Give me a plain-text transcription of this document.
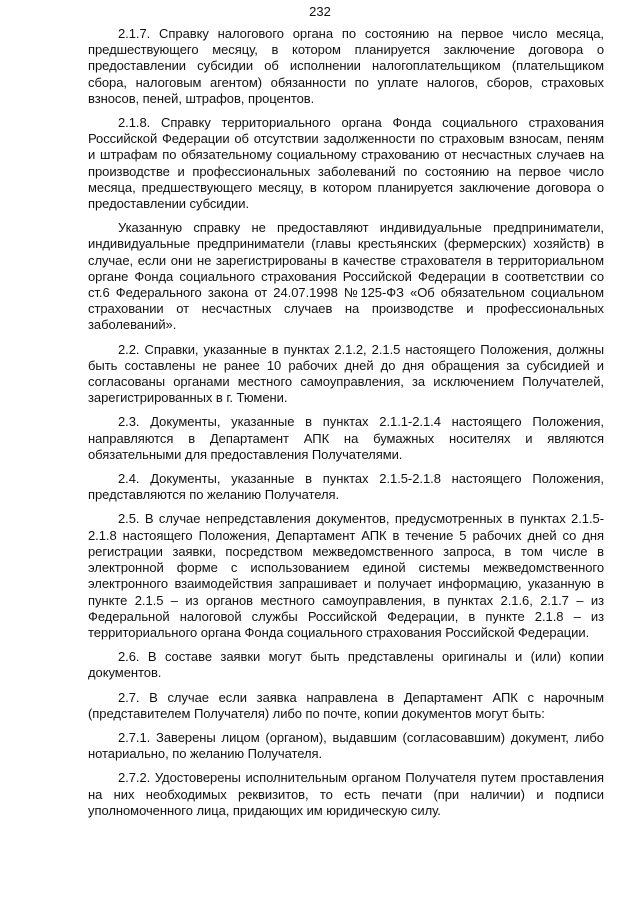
232

2.1.7. Справку налогового органа по состоянию на первое число месяца, предшествующего месяцу, в котором планируется заключение договора о предоставлении субсидии об исполнении налогоплательщиком (плательщиком сбора, налоговым агентом) обязанности по уплате налогов, сборов, страховых взносов, пеней, штрафов, процентов.

2.1.8. Справку территориального органа Фонда социального страхования Российской Федерации об отсутствии задолженности по страховым взносам, пеням и штрафам по обязательному социальному страхованию от несчастных случаев на производстве и профессиональных заболеваний по состоянию на первое число месяца, предшествующего месяцу, в котором планируется заключение договора о предоставлении субсидии.

Указанную справку не предоставляют индивидуальные предприниматели, индивидуальные предприниматели (главы крестьянских (фермерских) хозяйств) в случае, если они не зарегистрированы в качестве страхователя в территориальном органе Фонда социального страхования Российской Федерации в соответствии со ст.6 Федерального закона от 24.07.1998 №125-ФЗ «Об обязательном социальном страховании от несчастных случаев на производстве и профессиональных заболеваний».

2.2. Справки, указанные в пунктах 2.1.2, 2.1.5 настоящего Положения, должны быть составлены не ранее 10 рабочих дней до дня обращения за субсидией и согласованы органами местного самоуправления, за исключением Получателей, зарегистрированных в г. Тюмени.

2.3. Документы, указанные в пунктах 2.1.1-2.1.4 настоящего Положения, направляются в Департамент АПК на бумажных носителях и являются обязательными для предоставления Получателями.

2.4. Документы, указанные в пунктах 2.1.5-2.1.8 настоящего Положения, представляются по желанию Получателя.

2.5. В случае непредставления документов, предусмотренных в пунктах 2.1.5-2.1.8 настоящего Положения, Департамент АПК в течение 5 рабочих дней со дня регистрации заявки, посредством межведомственного запроса, в том числе в электронной форме с использованием единой системы межведомственного электронного взаимодействия запрашивает и получает информацию, указанную в пункте 2.1.5 – из органов местного самоуправления, в пунктах 2.1.6, 2.1.7 – из Федеральной налоговой службы Российской Федерации, в пункте 2.1.8 – из территориального органа Фонда социального страхования Российской Федерации.

2.6. В составе заявки могут быть представлены оригиналы и (или) копии документов.

2.7. В случае если заявка направлена в Департамент АПК с нарочным (представителем Получателя) либо по почте, копии документов могут быть:

2.7.1. Заверены лицом (органом), выдавшим (согласовавшим) документ, либо нотариально, по желанию Получателя.

2.7.2. Удостоверены исполнительным органом Получателя путем проставления на них необходимых реквизитов, то есть печати (при наличии) и подписи уполномоченного лица, придающих им юридическую силу.
